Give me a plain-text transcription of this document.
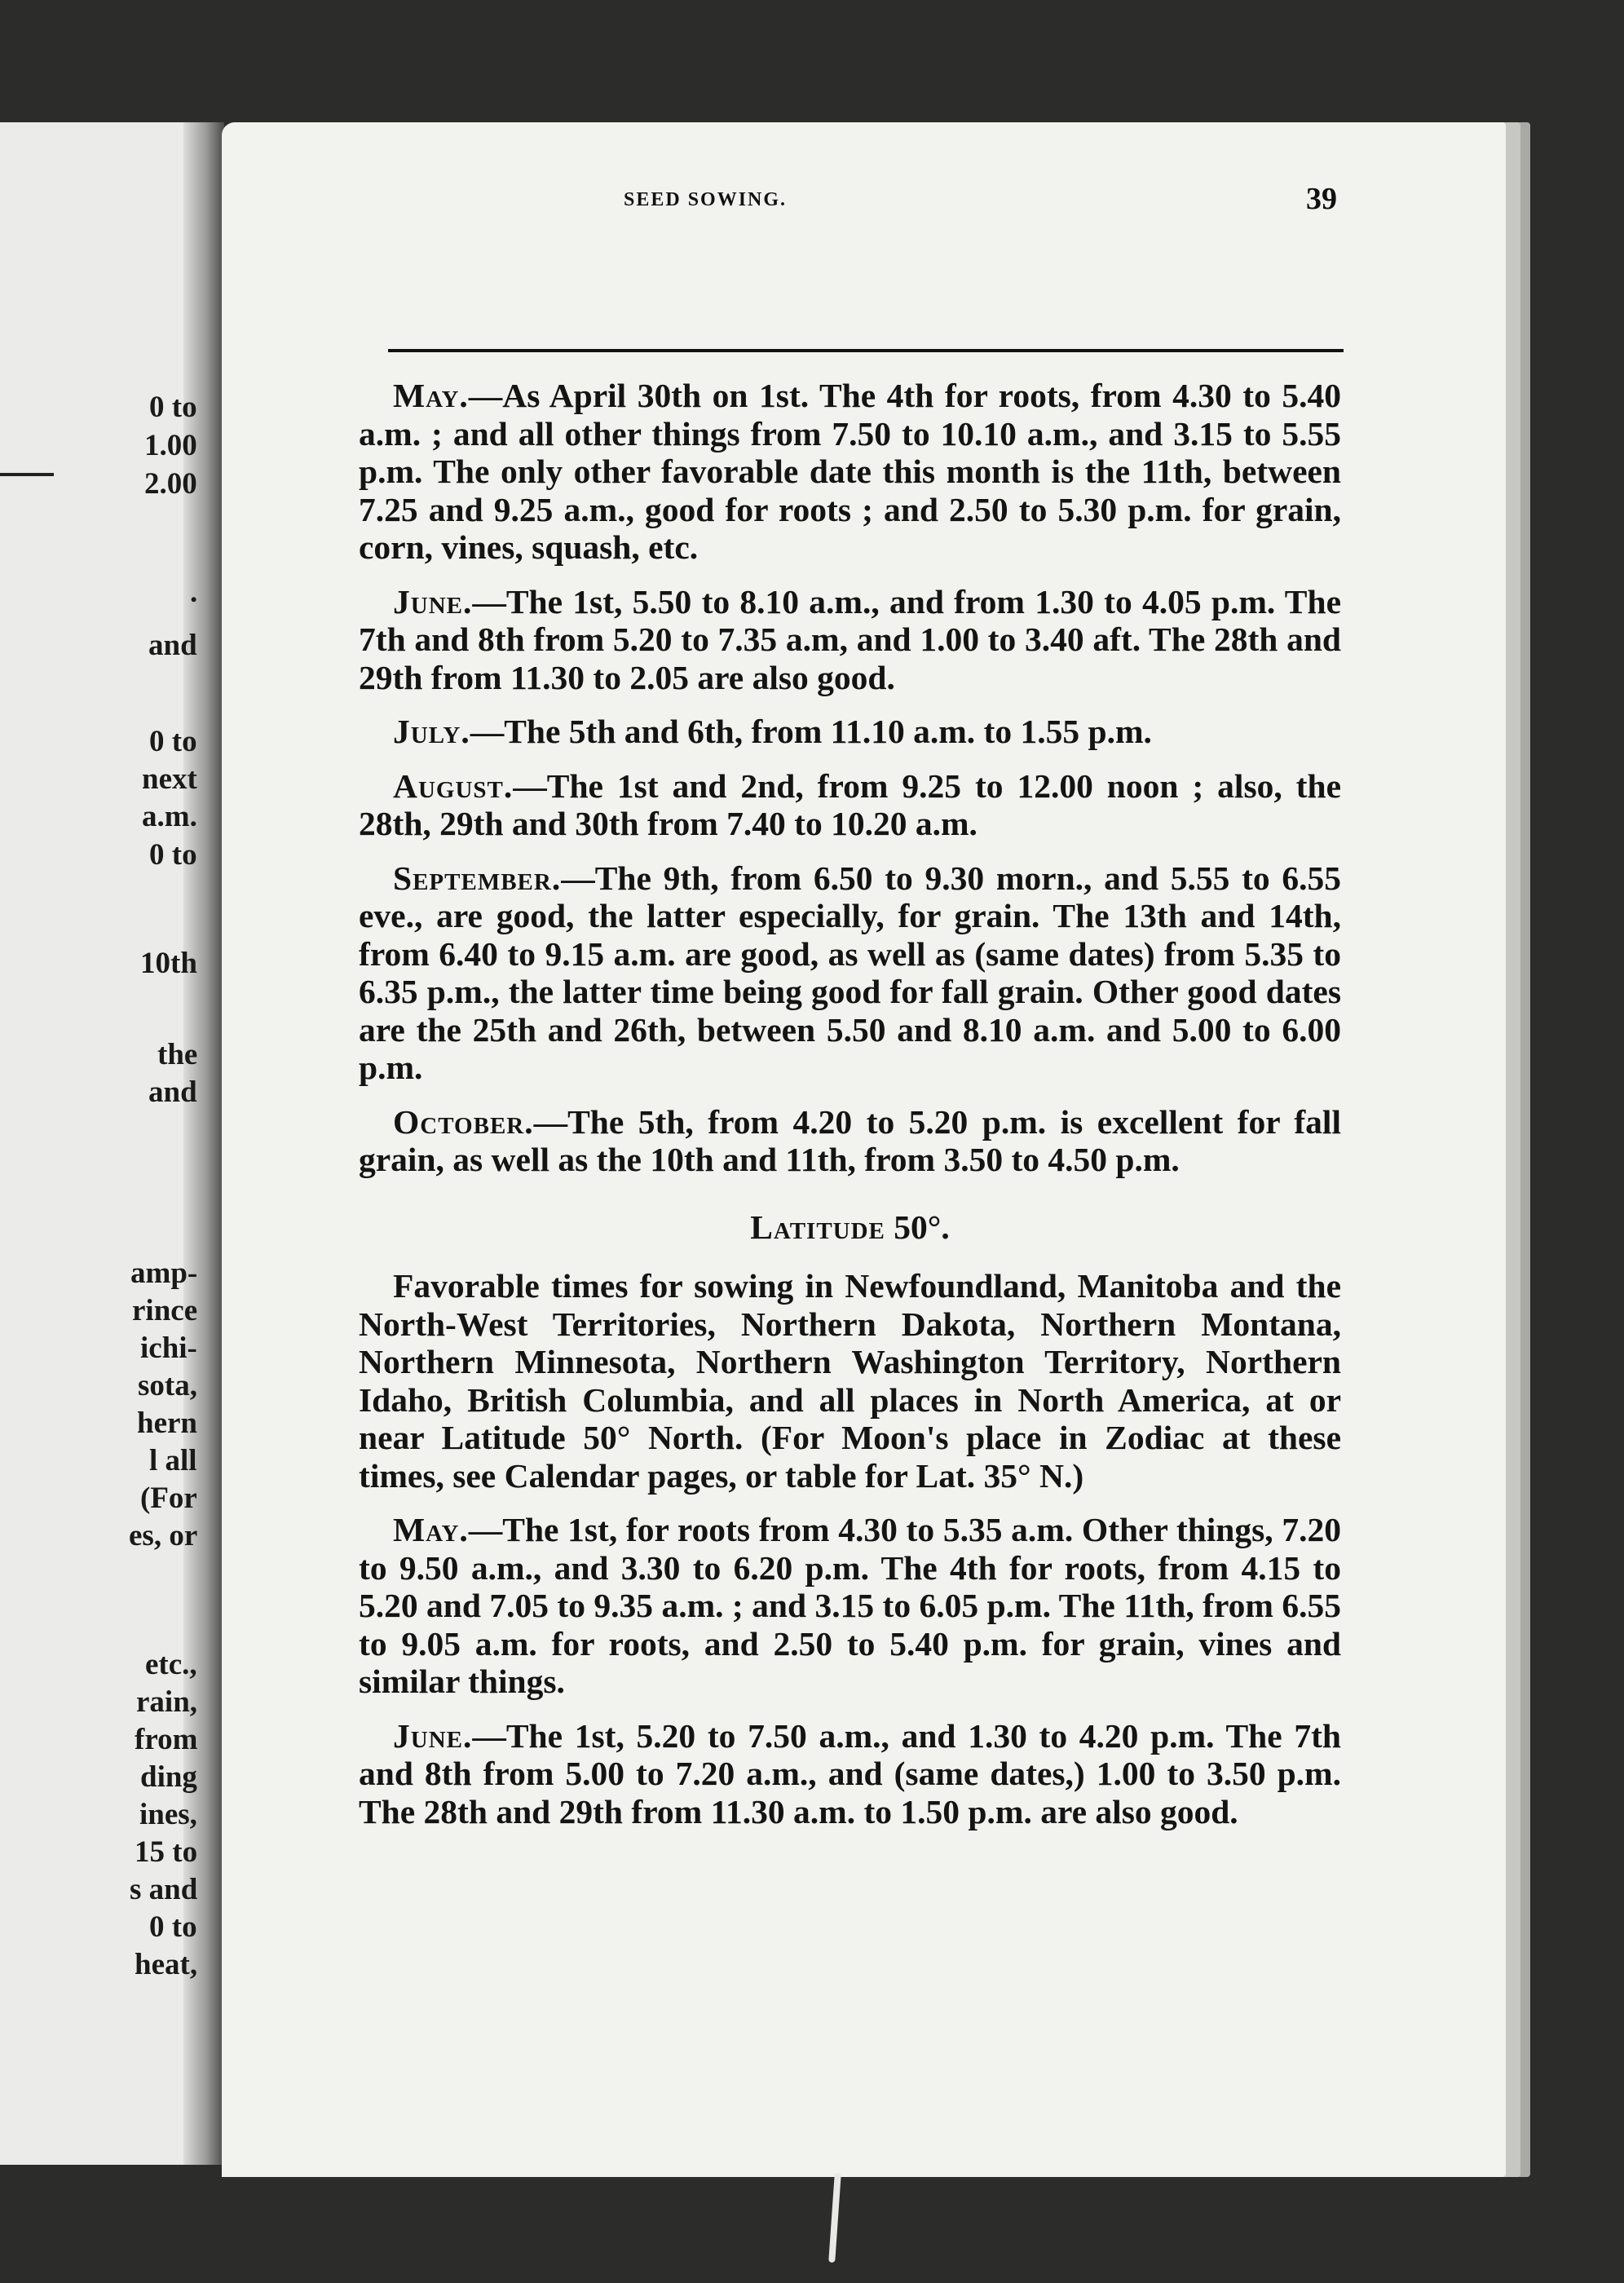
0 to
1.00
2.00
.
and
0 to
next
a.m.
0 to
10th
the
and
amp-
rince
ichi-
sota,
hern
l all
(For
es, or
etc.,
rain,
from
ding
ines,
15 to
s and
0 to
heat,
SEED SOWING.	39

May.—As April 30th on 1st. The 4th for roots, from 4.30 to 5.40 a.m. ; and all other things from 7.50 to 10.10 a.m., and 3.15 to 5.55 p.m. The only other favorable date this month is the 11th, between 7.25 and 9.25 a.m., good for roots ; and 2.50 to 5.30 p.m. for grain, corn, vines, squash, etc.

June.—The 1st, 5.50 to 8.10 a.m., and from 1.30 to 4.05 p.m. The 7th and 8th from 5.20 to 7.35 a.m, and 1.00 to 3.40 aft. The 28th and 29th from 11.30 to 2.05 are also good.

July.—The 5th and 6th, from 11.10 a.m. to 1.55 p.m.

August.—The 1st and 2nd, from 9.25 to 12.00 noon ; also, the 28th, 29th and 30th from 7.40 to 10.20 a.m.

September.—The 9th, from 6.50 to 9.30 morn., and 5.55 to 6.55 eve., are good, the latter especially, for grain. The 13th and 14th, from 6.40 to 9.15 a.m. are good, as well as (same dates) from 5.35 to 6.35 p.m., the latter time being good for fall grain. Other good dates are the 25th and 26th, between 5.50 and 8.10 a.m. and 5.00 to 6.00 p.m.

October.—The 5th, from 4.20 to 5.20 p.m. is excellent for fall grain, as well as the 10th and 11th, from 3.50 to 4.50 p.m.

Latitude 50°.

Favorable times for sowing in Newfoundland, Manitoba and the North-West Territories, Northern Dakota, Northern Montana, Northern Minnesota, Northern Washington Territory, Northern Idaho, British Columbia, and all places in North America, at or near Latitude 50° North. (For Moon's place in Zodiac at these times, see Calendar pages, or table for Lat. 35° N.)

May.—The 1st, for roots from 4.30 to 5.35 a.m. Other things, 7.20 to 9.50 a.m., and 3.30 to 6.20 p.m. The 4th for roots, from 4.15 to 5.20 and 7.05 to 9.35 a.m. ; and 3.15 to 6.05 p.m. The 11th, from 6.55 to 9.05 a.m. for roots, and 2.50 to 5.40 p.m. for grain, vines and similar things.

June.—The 1st, 5.20 to 7.50 a.m., and 1.30 to 4.20 p.m. The 7th and 8th from 5.00 to 7.20 a.m., and (same dates,) 1.00 to 3.50 p.m. The 28th and 29th from 11.30 a.m. to 1.50 p.m. are also good.
